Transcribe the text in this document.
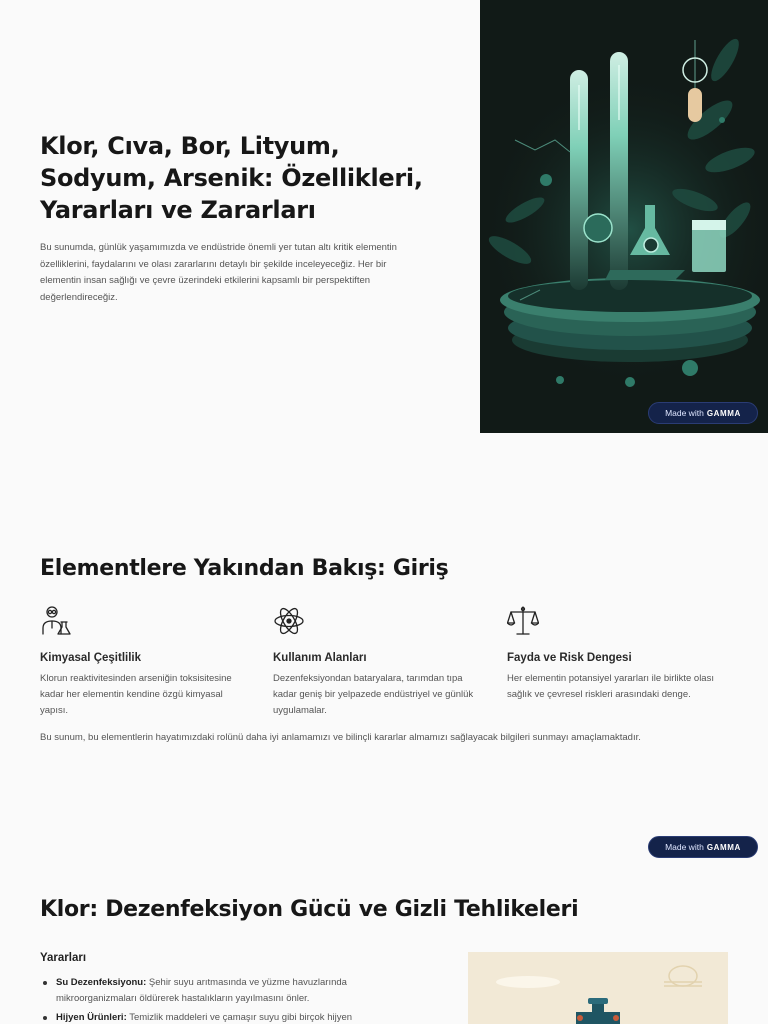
Klor, Cıva, Bor, Lityum, Sodyum, Arsenik: Özellikleri, Yararları ve Zararları

Bu sunumda, günlük yaşamımızda ve endüstride önemli yer tutan altı kritik elementin özelliklerini, faydalarını ve olası zararlarını detaylı bir şekilde inceleyeceğiz. Her bir elementin insan sağlığı ve çevre üzerindeki etkilerini kapsamlı bir perspektiften değerlendireceğiz.

Made with GAMMA
Elementlere Yakından Bakış: Giriş
Kimyasal Çeşitlilik
Klorun reaktivitesinden arseniğin toksisitesine kadar her elementin kendine özgü kimyasal yapısı.
Kullanım Alanları
Dezenfeksiyondan bataryalara, tarımdan tıpa kadar geniş bir yelpazede endüstriyel ve günlük uygulamalar.
Fayda ve Risk Dengesi
Her elementin potansiyel yararları ile birlikte olası sağlık ve çevresel riskleri arasındaki denge.

Bu sunum, bu elementlerin hayatımızdaki rolünü daha iyi anlamamızı ve bilinçli kararlar almamızı sağlayacak bilgileri sunmayı amaçlamaktadır.

Made with GAMMA
Klor: Dezenfeksiyon Gücü ve Gizli Tehlikeleri
Yararları
Su Dezenfeksiyonu: Şehir suyu arıtmasında ve yüzme havuzlarında mikroorganizmaları öldürerek hastalıkların yayılmasını önler.
Hijyen Ürünleri: Temizlik maddeleri ve çamaşır suyu gibi birçok hijyen
